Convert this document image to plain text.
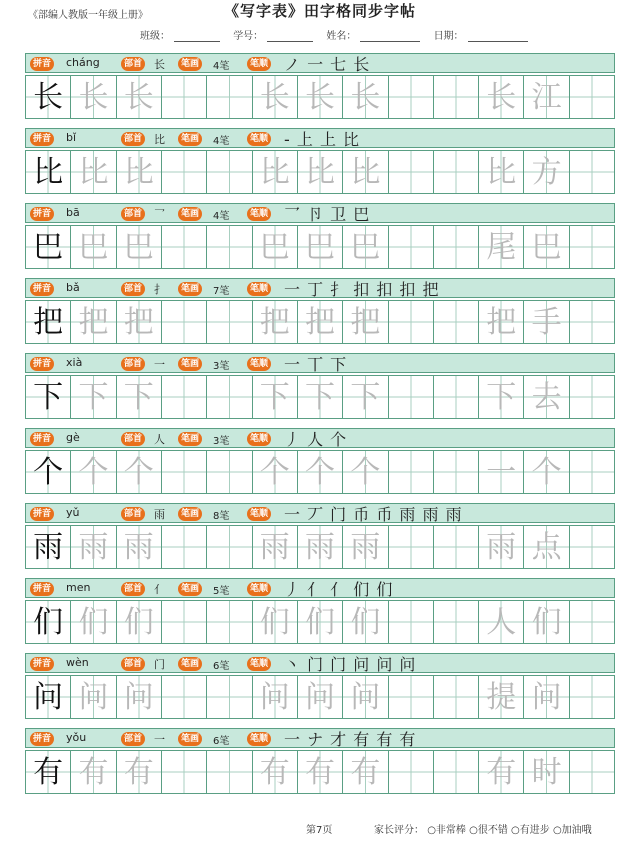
《部编人教版一年级上册》	《写字表》田字格同步字帖
班级：	学号：	姓名：	日期：
拼音 cháng	部首 长	笔画	4笔	笔顺 ノ 一 七 长
长 长 长	长 长 长	长 江
拼音 bǐ	部首 比	笔画	4笔	笔顺 - 上 上 比
比 比 比	比 比 比	比 方
拼音 bā	部首 乛	笔画	4笔	笔顺 乛 卪 卫 巴
巴 巴 巴	巴 巴 巴	尾 巴
拼音 bǎ	部首 扌	笔画	7笔	笔顺 一 丁 扌 扣 扣 扣 把
把 把 把	把 把 把	把 手
拼音 xià	部首 一	笔画	3笔	笔顺 一 丅 下
下 下 下	下 下 下	下 去
拼音 gè	部首 人	笔画	3笔	笔顺 丿 人 个
个 个 个	个 个 个	一 个
拼音 yǔ	部首 雨	笔画	8笔	笔顺 一 丆 门 币 币 雨 雨 雨
雨 雨 雨	雨 雨 雨	雨 点
拼音 men	部首 亻	笔画	5笔	笔顺 丿 亻 亻 们 们
们 们 们	们 们 们	人 们
拼音 wèn	部首 门	笔画	6笔	笔顺 丶 门 门 问 问 问
问 问 问	问 问 问	提 问
拼音 yǒu	部首 一	笔画	6笔	笔顺 一 ナ 才 有 有 有
有 有 有	有 有 有	有 时
第7页	家长评分： ○非常棒 ○很不错 ○有进步 ○加油哦
